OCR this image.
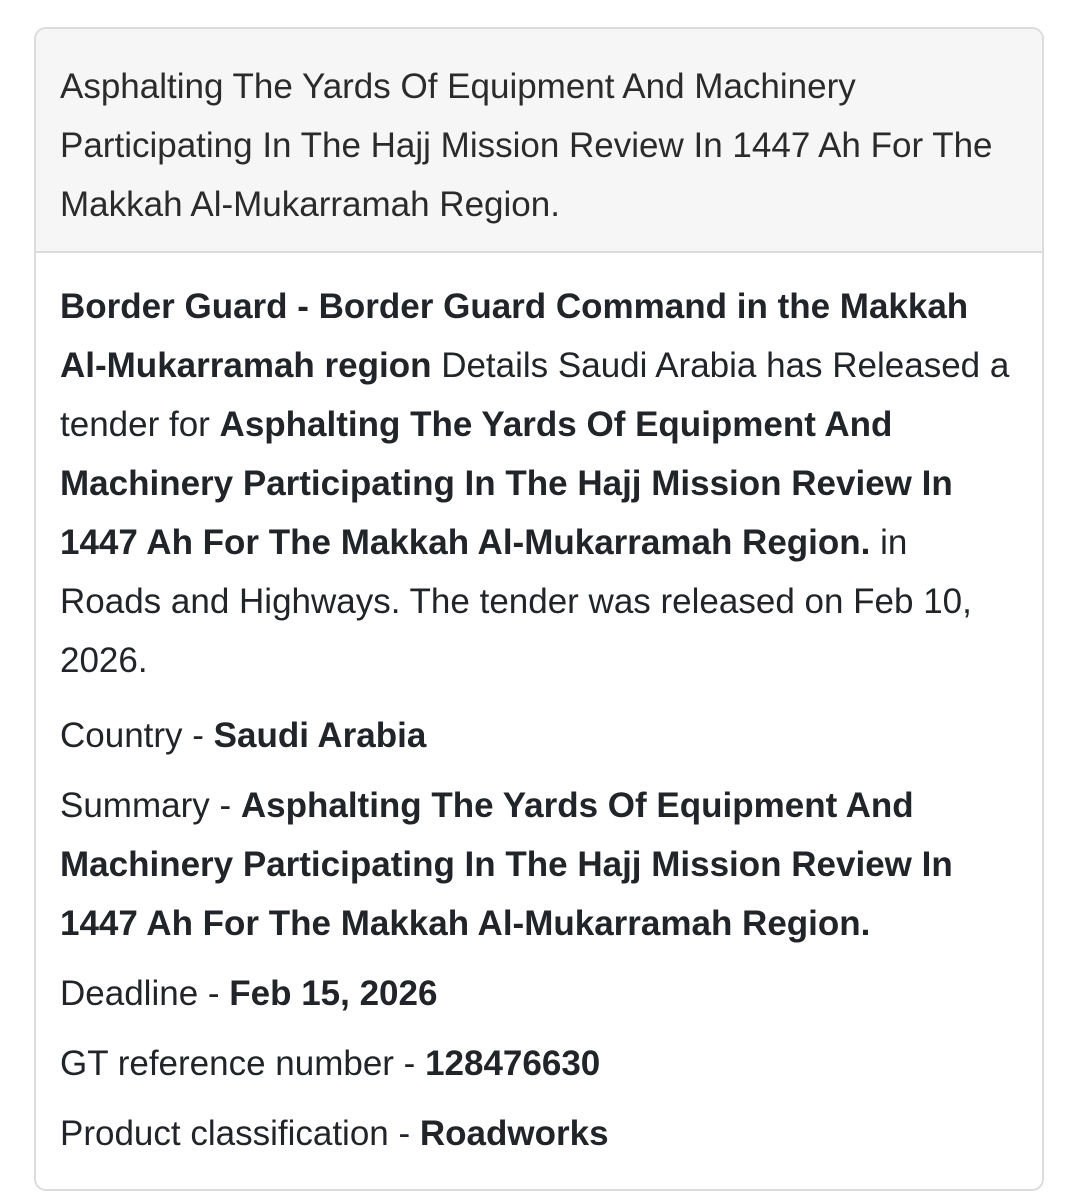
Asphalting The Yards Of Equipment And Machinery Participating In The Hajj Mission Review In 1447 Ah For The Makkah Al-Mukarramah Region.

Border Guard - Border Guard Command in the Makkah Al-Mukarramah region Details Saudi Arabia has Released a tender for Asphalting The Yards Of Equipment And Machinery Participating In The Hajj Mission Review In 1447 Ah For The Makkah Al-Mukarramah Region. in Roads and Highways. The tender was released on Feb 10, 2026.

Country - Saudi Arabia

Summary - Asphalting The Yards Of Equipment And Machinery Participating In The Hajj Mission Review In 1447 Ah For The Makkah Al-Mukarramah Region.

Deadline - Feb 15, 2026

GT reference number - 128476630

Product classification - Roadworks
